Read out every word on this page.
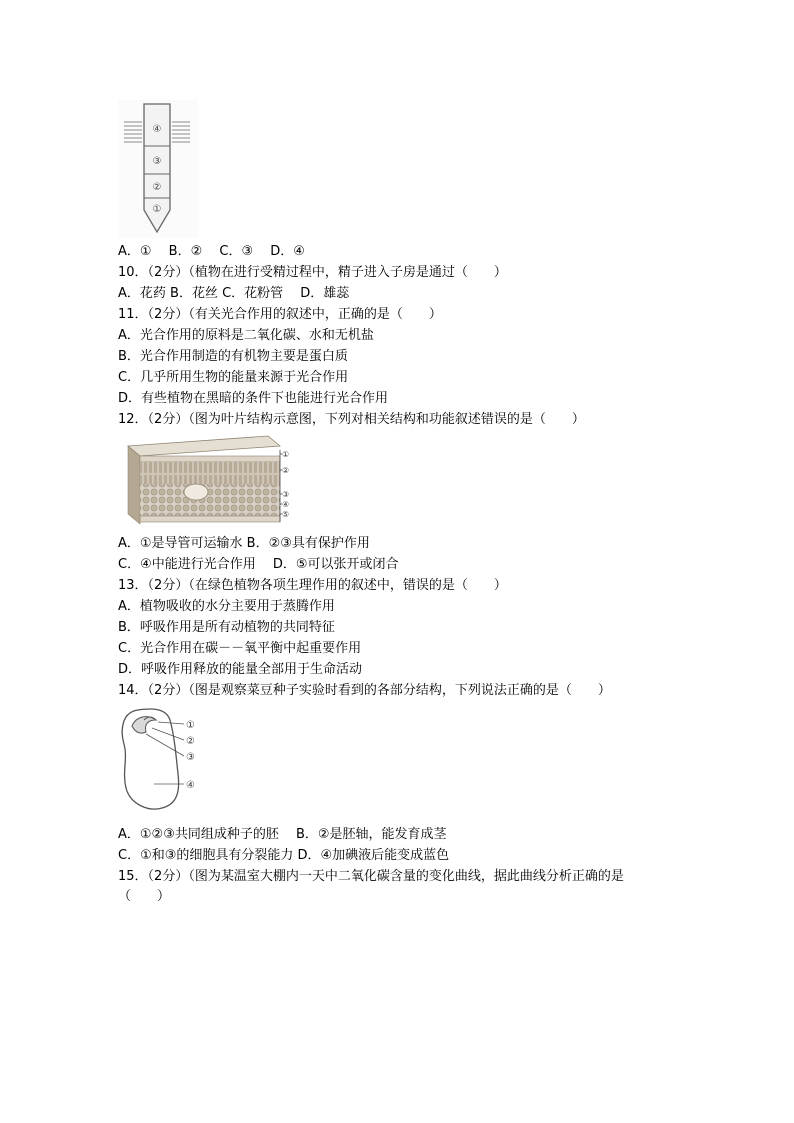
④
③
②
①
A．①　 B．②　 C．③　 D．④
10．（2分）（植物在进行受精过程中，精子进入子房是通过（　　）
A．花药 B．花丝 C．花粉管　 D．雄蕊
11．（2分）（有关光合作用的叙述中，正确的是（　　）
A．光合作用的原料是二氧化碳、水和无机盐
B．光合作用制造的有机物主要是蛋白质
C．几乎所用生物的能量来源于光合作用
D．有些植物在黑暗的条件下也能进行光合作用
12．（2分）（图为叶片结构示意图，下列对相关结构和功能叙述错误的是（　　）
①
②
③
④
⑤
A．①是导管可运输水 B．②③具有保护作用
C．④中能进行光合作用　 D．⑤可以张开或闭合
13．（2分）（在绿色植物各项生理作用的叙述中，错误的是（　　）
A．植物吸收的水分主要用于蒸腾作用
B．呼吸作用是所有动植物的共同特征
C．光合作用在碳－－氧平衡中起重要作用
D．呼吸作用释放的能量全部用于生命活动
14．（2分）（图是观察菜豆种子实验时看到的各部分结构，下列说法正确的是（　　）
①
②
③
④
A．①②③共同组成种子的胚　 B．②是胚轴，能发育成茎
C．①和③的细胞具有分裂能力 D．④加碘液后能变成蓝色
15．（2分）（图为某温室大棚内一天中二氧化碳含量的变化曲线，据此曲线分析正确的是
（　　）
